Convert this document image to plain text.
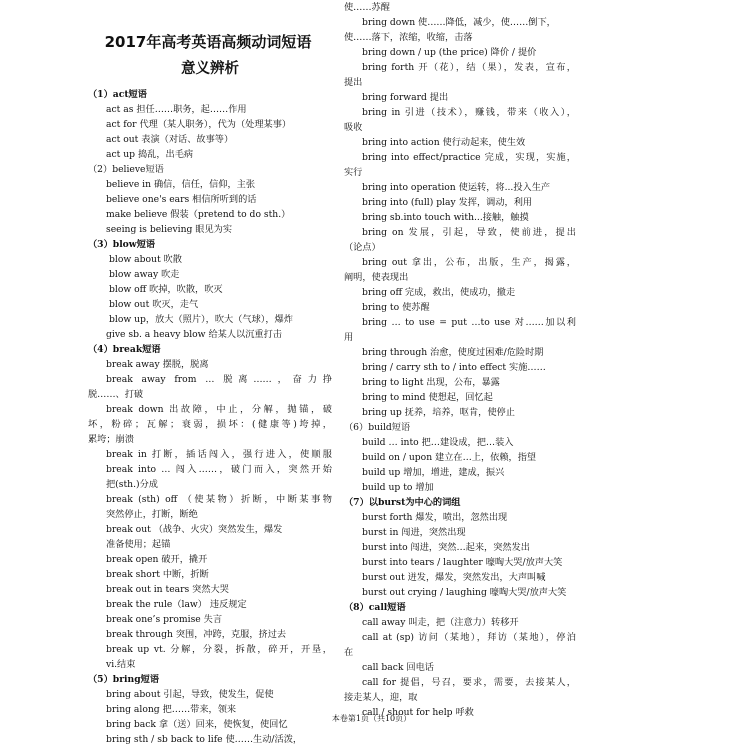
2017年高考英语高频动词短语
意义辨析
（1）act短语
act as 担任……职务，起……作用
act for 代理（某人职务），代为（处理某事）
act out 表演（对话、故事等）
act up 捣乱，出毛病
（2）believe短语
believe in 确信，信任，信仰，主张
believe one's ears 相信所听到的话
make believe 假装（pretend to do sth.）
seeing is believing 眼见为实
（3）blow短语
blow about 吹散
blow away 吹走
blow off 吹掉，吹散，吹灭
blow out 吹灭，走气
blow up，放大（照片），吹大（气球），爆炸
give sb. a heavy blow 给某人以沉重打击
（4）break短语
break away 摆脱，脱离
break away from … 脱离……，奋力挣
脱……、打破
break down 出故障，中止，分解，抛锚，破
坏，粉碎；瓦解；衰弱，损坏：(健康等)垮掉，
累垮；崩溃
break in 打断，插话闯入，强行进入，使顺服
break into … 闯入……，破门而入，突然开始
把(sth.)分成
break (sth) off （使某物）折断，中断某事物
突然停止，打断，断绝
break out （战争、火灾）突然发生，爆发
准备使用；起锚
break open 破开，撬开
break short 中断，折断
break out in tears 突然大哭
break the rule（law） 违反规定
break one’s promise 失言
break through 突围，冲跨，克服，挤过去
break up vt. 分解，分裂，拆散，碎开，开垦，
vi.结束
（5）bring短语
bring about 引起，导致，使发生，促使
bring along 把……带来，领来
bring back 拿（送）回来，使恢复，使回忆
bring sth / sb back to life 使……生动/活泼，
使……苏醒
bring down 使……降低，减少，使……倒下，
使……落下，浓缩，收缩，击落
bring down / up (the price) 降价 / 提价
bring forth 开（花），结（果），发表，宣布，
提出
bring forward 提出
bring in 引进（技术），赚钱，带来（收入），
吸收
bring into action 使行动起来，使生效
bring into effect/practice 完成，实现，实施，
实行
bring into operation 使运转，将...投入生产
bring into (full) play 发挥，调动，利用
bring sb.into touch with...接触，触摸
bring on 发展，引起，导致，使前进，提出
（论点）
bring out 拿出，公布，出版，生产，揭露，
阐明，使表现出
bring off 完成，救出，使成功，撤走
bring to 使苏醒
bring … to use = put …to use 对……加以利
用
bring through 治愈，使度过困难/危险时期
bring / carry sth to / into effect 实施……
bring to light 出现，公布，暴露
bring to mind 使想起，回忆起
bring up 抚养，培养，呕肯，使停止
（6）build短语
build … into 把…建设成，把…装入
build on / upon 建立在…上，依赖，指望
build up 增加，增进，建成，振兴
build up to 增加
（7）以burst为中心的词组
burst forth 爆发，喷出，忽然出现
burst in 闯进，突然出现
burst into 闯进，突然…起来，突然发出
burst into tears / laughter 嚎啕大哭/放声大笑
burst out 迸发，爆发，突然发出，大声叫喊
burst out crying / laughing 嚎啕大哭/放声大笑
（8）call短语
call away 叫走，把（注意力）转移开
call at (sp) 访问（某地），拜访（某地），停泊
在
call back 回电话
call for 提倡，号召，要求，需要，去接某人，
接走某人，迎，取
call / shout for help 呼救
本卷第1页（共10页）
